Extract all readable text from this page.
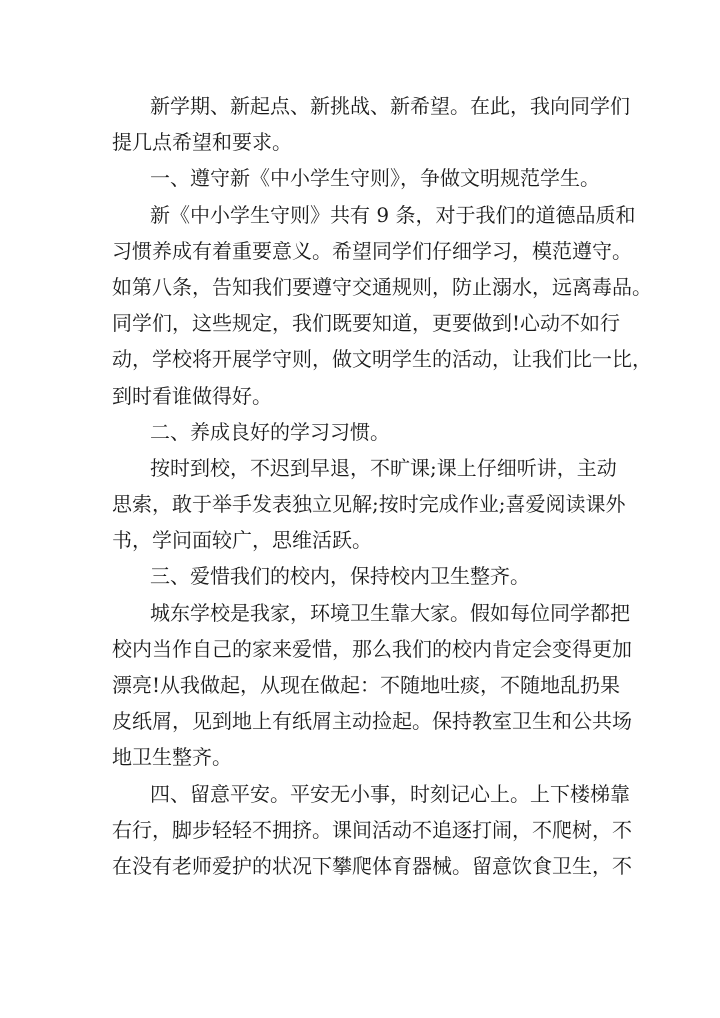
新学期、新起点、新挑战、新希望。在此，我向同学们
提几点希望和要求。
一、遵守新《中小学生守则》，争做文明规范学生。
新《中小学生守则》共有 9 条，对于我们的道德品质和
习惯养成有着重要意义。希望同学们仔细学习，模范遵守。
如第八条，告知我们要遵守交通规则，防止溺水，远离毒品。
同学们，这些规定，我们既要知道，更要做到!心动不如行
动，学校将开展学守则，做文明学生的活动，让我们比一比，
到时看谁做得好。
二、养成良好的学习习惯。
按时到校，不迟到早退，不旷课;课上仔细听讲，主动
思索，敢于举手发表独立见解;按时完成作业;喜爱阅读课外
书，学问面较广，思维活跃。
三、爱惜我们的校内，保持校内卫生整齐。
城东学校是我家，环境卫生靠大家。假如每位同学都把
校内当作自己的家来爱惜，那么我们的校内肯定会变得更加
漂亮!从我做起，从现在做起：不随地吐痰，不随地乱扔果
皮纸屑，见到地上有纸屑主动捡起。保持教室卫生和公共场
地卫生整齐。
四、留意平安。平安无小事，时刻记心上。上下楼梯靠
右行，脚步轻轻不拥挤。课间活动不追逐打闹，不爬树，不
在没有老师爱护的状况下攀爬体育器械。留意饮食卫生，不
